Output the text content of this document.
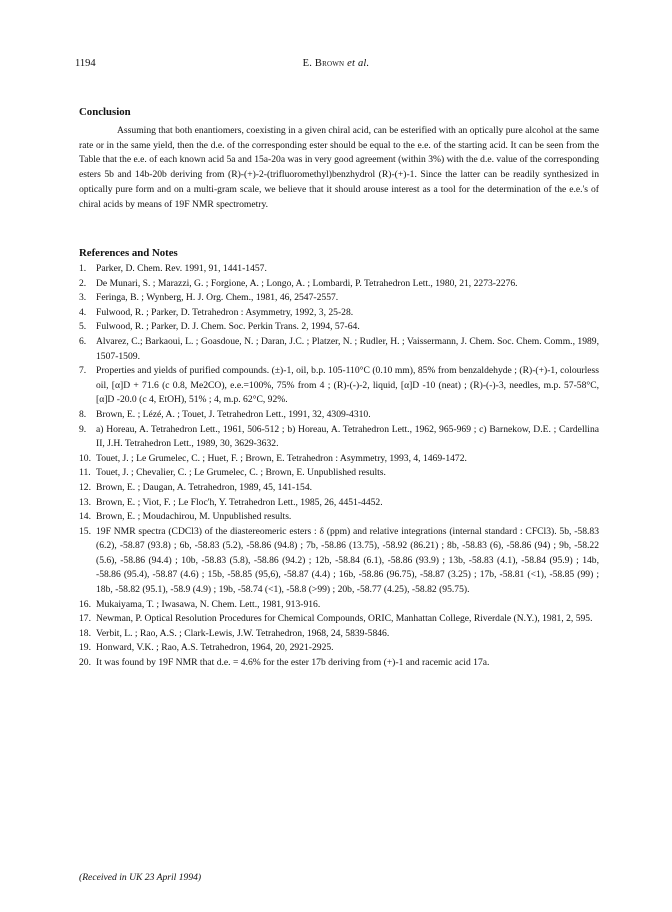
1194	E. Brown et al.
Conclusion
Assuming that both enantiomers, coexisting in a given chiral acid, can be esterified with an optically pure alcohol at the same rate or in the same yield, then the d.e. of the corresponding ester should be equal to the e.e. of the starting acid. It can be seen from the Table that the e.e. of each known acid 5a and 15a-20a was in very good agreement (within 3%) with the d.e. value of the corresponding esters 5b and 14b-20b deriving from (R)-(+)-2-(trifluoromethyl)benzhydrol (R)-(+)-1. Since the latter can be readily synthesized in optically pure form and on a multi-gram scale, we believe that it should arouse interest as a tool for the determination of the e.e.'s of chiral acids by means of 19F NMR spectrometry.
References and Notes
1. Parker, D. Chem. Rev. 1991, 91, 1441-1457.
2. De Munari, S. ; Marazzi, G. ; Forgione, A. ; Longo, A. ; Lombardi, P. Tetrahedron Lett., 1980, 21, 2273-2276.
3. Feringa, B. ; Wynberg, H. J. Org. Chem., 1981, 46, 2547-2557.
4. Fulwood, R. ; Parker, D. Tetrahedron : Asymmetry, 1992, 3, 25-28.
5. Fulwood, R. ; Parker, D. J. Chem. Soc. Perkin Trans. 2, 1994, 57-64.
6. Alvarez, C.; Barkaoui, L. ; Goasdoue, N. ; Daran, J.C. ; Platzer, N. ; Rudler, H. ; Vaissermann, J. Chem. Soc. Chem. Comm., 1989, 1507-1509.
7. Properties and yields of purified compounds. (±)-1, oil, b.p. 105-110°C (0.10 mm), 85% from benzaldehyde ; (R)-(+)-1, colourless oil, [α]D + 71.6 (c 0.8, Me2CO), e.e.=100%, 75% from 4 ; (R)-(-)-2, liquid, [α]D -10 (neat) ; (R)-(-)-3, needles, m.p. 57-58°C, [α]D -20.0 (c 4, EtOH), 51% ; 4, m.p. 62°C, 92%.
8. Brown, E. ; Lézé, A. ; Touet, J. Tetrahedron Lett., 1991, 32, 4309-4310.
9. a) Horeau, A. Tetrahedron Lett., 1961, 506-512 ; b) Horeau, A. Tetrahedron Lett., 1962, 965-969 ; c) Barnekow, D.E. ; Cardellina II, J.H. Tetrahedron Lett., 1989, 30, 3629-3632.
10. Touet, J. ; Le Grumelec, C. ; Huet, F. ; Brown, E. Tetrahedron : Asymmetry, 1993, 4, 1469-1472.
11. Touet, J. ; Chevalier, C. ; Le Grumelec, C. ; Brown, E. Unpublished results.
12. Brown, E. ; Daugan, A. Tetrahedron, 1989, 45, 141-154.
13. Brown, E. ; Viot, F. ; Le Floc'h, Y. Tetrahedron Lett., 1985, 26, 4451-4452.
14. Brown, E. ; Moudachirou, M. Unpublished results.
15. 19F NMR spectra (CDCl3) of the diastereomeric esters : δ (ppm) and relative integrations (internal standard : CFCl3). 5b, -58.83 (6.2), -58.87 (93.8) ; 6b, -58.83 (5.2), -58.86 (94.8) ; 7b, -58.86 (13.75), -58.92 (86.21) ; 8b, -58.83 (6), -58.86 (94) ; 9b, -58.22 (5.6), -58.86 (94.4) ; 10b, -58.83 (5.8), -58.86 (94.2) ; 12b, -58.84 (6.1), -58.86 (93.9) ; 13b, -58.83 (4.1), -58.84 (95.9) ; 14b, -58.86 (95.4), -58.87 (4.6) ; 15b, -58.85 (95,6), -58.87 (4.4) ; 16b, -58.86 (96.75), -58.87 (3.25) ; 17b, -58.81 (<1), -58.85 (99) ; 18b, -58.82 (95.1), -58.9 (4.9) ; 19b, -58.74 (<1), -58.8 (>99) ; 20b, -58.77 (4.25), -58.82 (95.75).
16. Mukaiyama, T. ; Iwasawa, N. Chem. Lett., 1981, 913-916.
17. Newman, P. Optical Resolution Procedures for Chemical Compounds, ORIC, Manhattan College, Riverdale (N.Y.), 1981, 2, 595.
18. Verbit, L. ; Rao, A.S. ; Clark-Lewis, J.W. Tetrahedron, 1968, 24, 5839-5846.
19. Honward, V.K. ; Rao, A.S. Tetrahedron, 1964, 20, 2921-2925.
20. It was found by 19F NMR that d.e. = 4.6% for the ester 17b deriving from (+)-1 and racemic acid 17a.
(Received in UK 23 April 1994)
